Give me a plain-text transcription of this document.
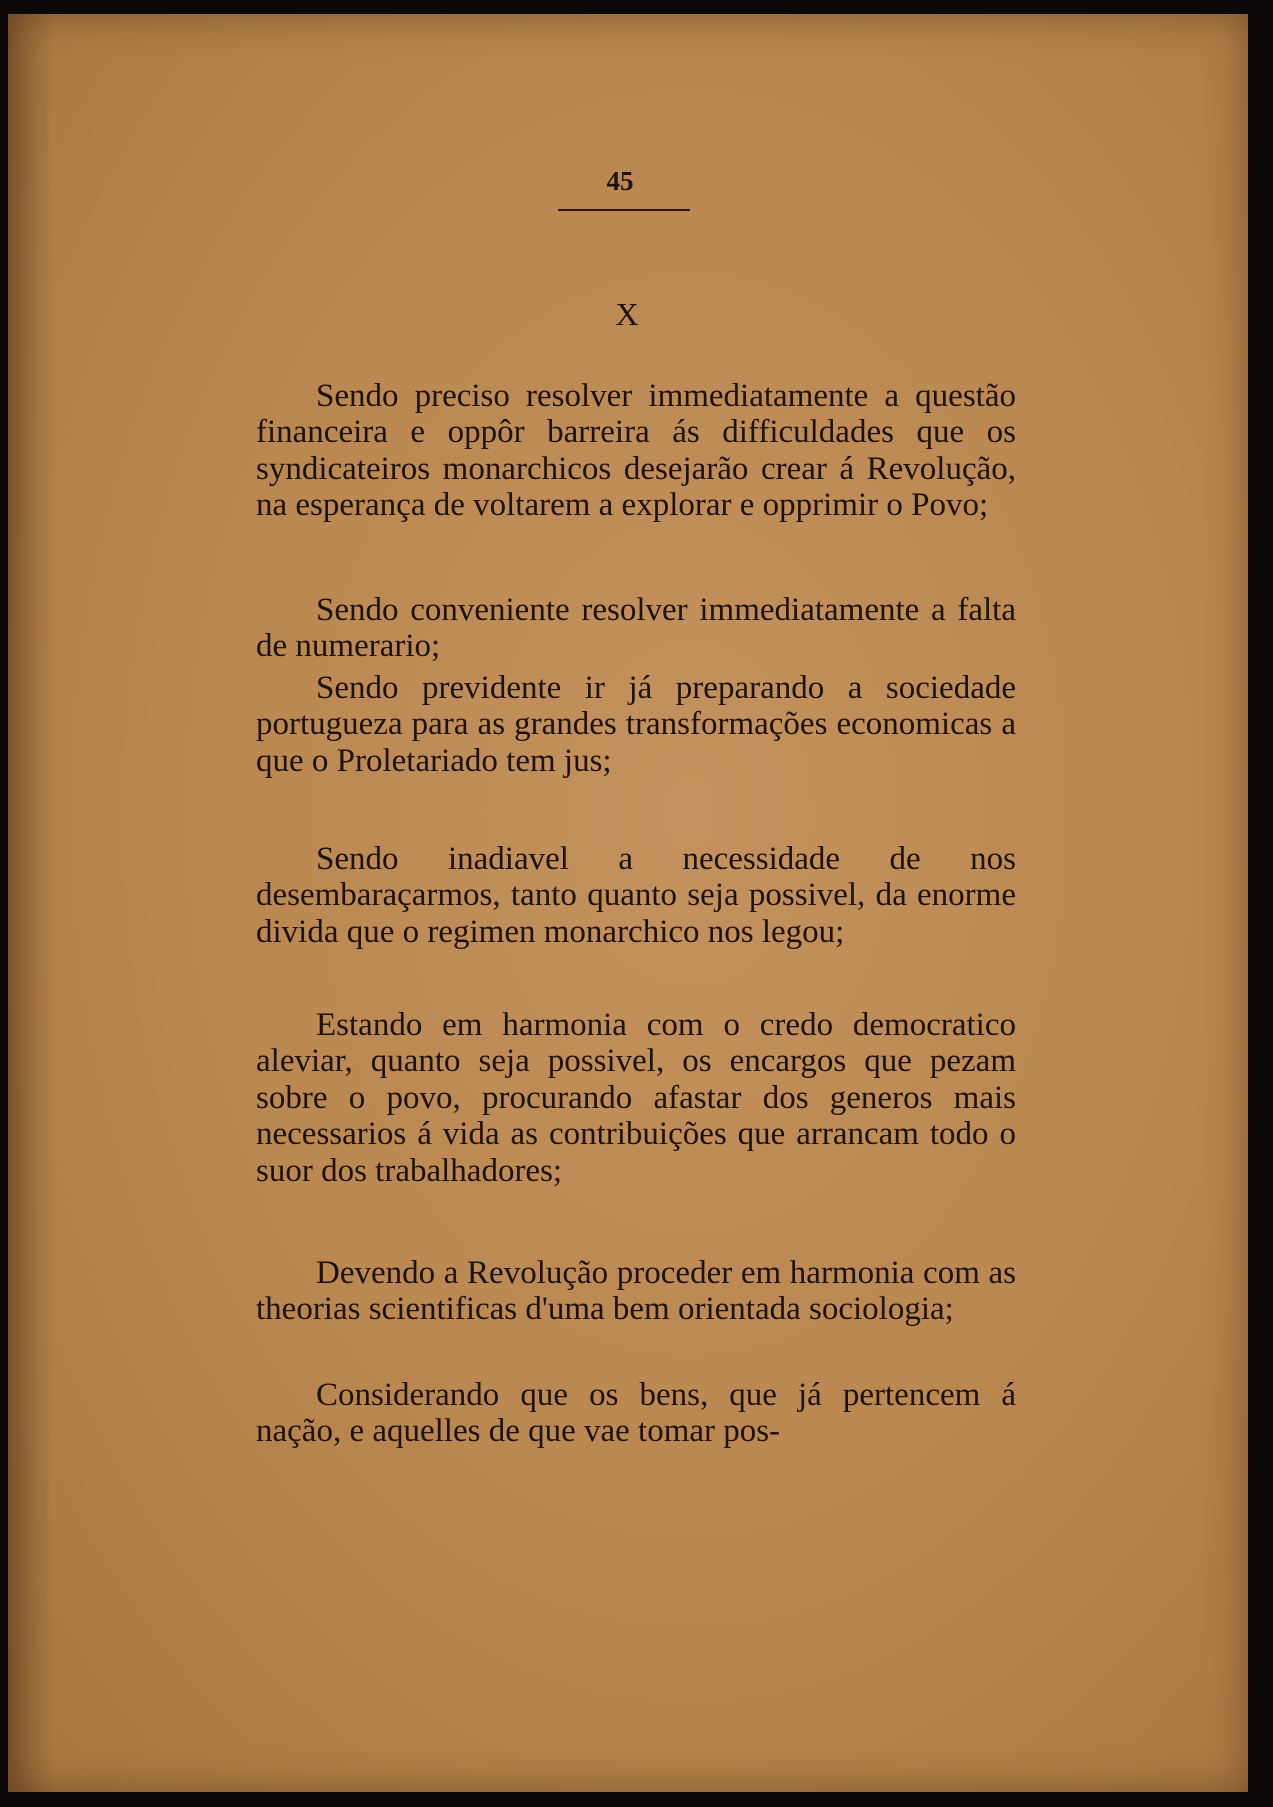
45
X

Sendo preciso resolver immediatamente a questão financeira e oppôr barreira ás difficuldades que os syndicateiros monarchicos desejarão crear á Revolução, na esperança de voltarem a explorar e opprimir o Povo;

Sendo conveniente resolver immediatamente a falta de numerario;

Sendo previdente ir já preparando a sociedade portugueza para as grandes transformações economicas a que o Proletariado tem jus;

Sendo inadiavel a necessidade de nos desembaraçarmos, tanto quanto seja possivel, da enorme divida que o regimen monarchico nos legou;

Estando em harmonia com o credo democratico aleviar, quanto seja possivel, os encargos que pezam sobre o povo, procurando afastar dos generos mais necessarios á vida as contribuições que arrancam todo o suor dos trabalhadores;

Devendo a Revolução proceder em harmonia com as theorias scientificas d'uma bem orientada sociologia;

Considerando que os bens, que já pertencem á nação, e aquelles de que vae tomar pos-
